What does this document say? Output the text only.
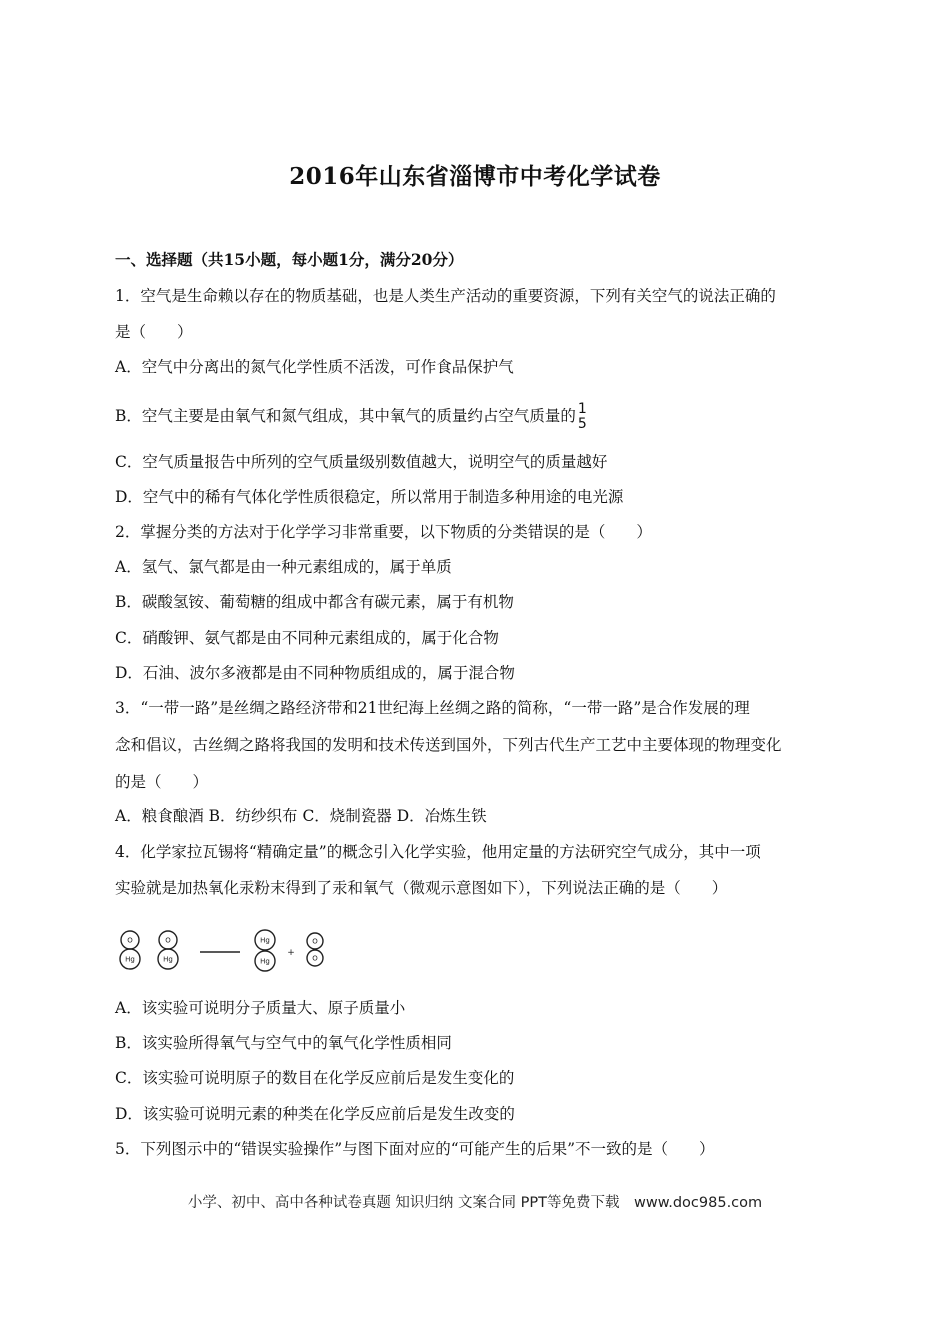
2016年山东省淄博市中考化学试卷
一、选择题（共15小题，每小题1分，满分20分）
1．空气是生命赖以存在的物质基础，也是人类生产活动的重要资源，下列有关空气的说法正确的
是（　　）
A．空气中分离出的氮气化学性质不活泼，可作食品保护气
B．空气主要是由氧气和氮气组成，其中氧气的质量约占空气质量的 1
5
C．空气质量报告中所列的空气质量级别数值越大，说明空气的质量越好
D．空气中的稀有气体化学性质很稳定，所以常用于制造多种用途的电光源
2．掌握分类的方法对于化学学习非常重要，以下物质的分类错误的是（　　）
A．氢气、氯气都是由一种元素组成的，属于单质
B．碳酸氢铵、葡萄糖的组成中都含有碳元素，属于有机物
C．硝酸钾、氨气都是由不同种元素组成的，属于化合物
D．石油、波尔多液都是由不同种物质组成的，属于混合物
3．“一带一路”是丝绸之路经济带和21世纪海上丝绸之路的简称，“一带一路”是合作发展的理
念和倡议，古丝绸之路将我国的发明和技术传送到国外，下列古代生产工艺中主要体现的物理变化
的是（　　）
A．粮食酿酒 B．纺纱织布 C．烧制瓷器 D．冶炼生铁
4．化学家拉瓦锡将“精确定量”的概念引入化学实验，他用定量的方法研究空气成分，其中一项
实验就是加热氧化汞粉末得到了汞和氧气（微观示意图如下），下列说法正确的是（　　）
O
Hg
O
Hg
Hg
Hg
+
O
O
A．该实验可说明分子质量大、原子质量小
B．该实验所得氧气与空气中的氧气化学性质相同
C．该实验可说明原子的数目在化学反应前后是发生变化的
D．该实验可说明元素的种类在化学反应前后是发生改变的
5．下列图示中的“错误实验操作”与图下面对应的“可能产生的后果”不一致的是（　　）
小学、初中、高中各种试卷真题 知识归纳 文案合同 PPT等免费下载　www.doc985.com
